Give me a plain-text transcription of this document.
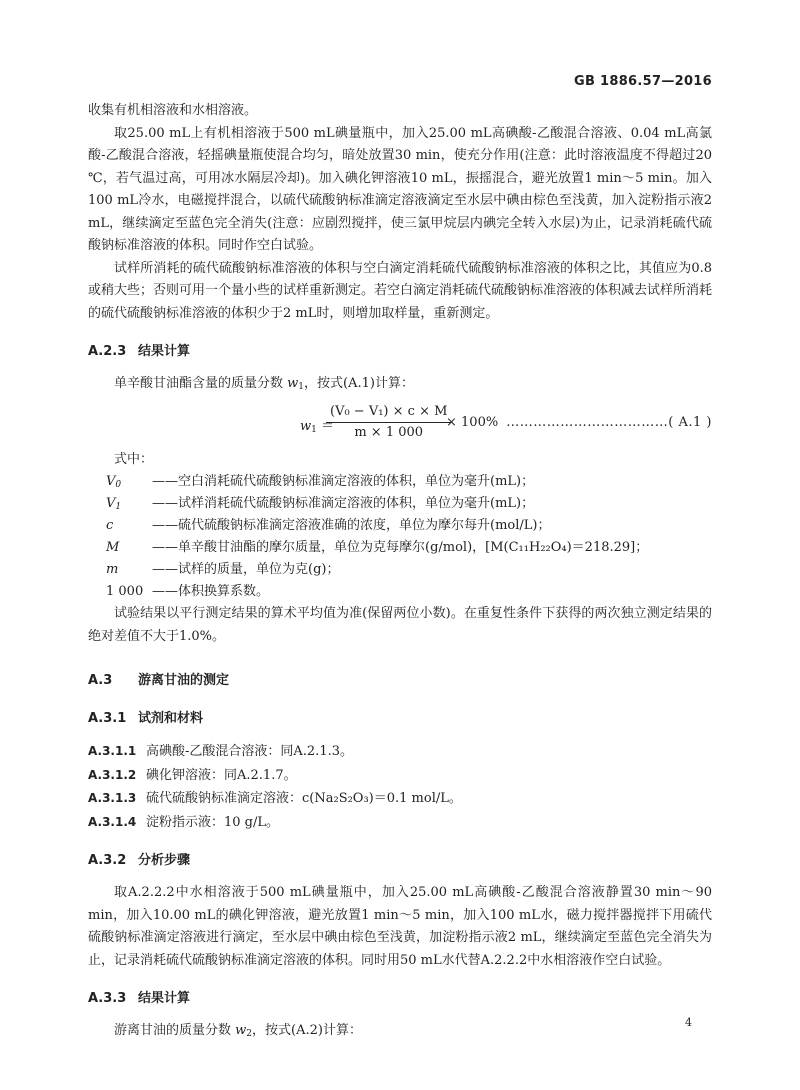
GB 1886.57—2016

收集有机相溶液和水相溶液。

取25.00 mL上有机相溶液于500 mL碘量瓶中，加入25.00 mL高碘酸-乙酸混合溶液、0.04 mL高氯酸-乙酸混合溶液，轻摇碘量瓶使混合均匀，暗处放置30 min，使充分作用(注意：此时溶液温度不得超过20 ℃，若气温过高，可用冰水隔层冷却)。加入碘化钾溶液10 mL，振摇混合，避光放置1 min～5 min。加入100 mL冷水，电磁搅拌混合，以硫代硫酸钠标准滴定溶液滴定至水层中碘由棕色至浅黄，加入淀粉指示液2 mL，继续滴定至蓝色完全消失(注意：应剧烈搅拌，使三氯甲烷层内碘完全转入水层)为止，记录消耗硫代硫酸钠标准溶液的体积。同时作空白试验。

试样所消耗的硫代硫酸钠标准溶液的体积与空白滴定消耗硫代硫酸钠标准溶液的体积之比，其值应为0.8或稍大些；否则可用一个量小些的试样重新测定。若空白滴定消耗硫代硫酸钠标准溶液的体积减去试样所消耗的硫代硫酸钠标准溶液的体积少于2 mL时，则增加取样量，重新测定。

A.2.3 结果计算

单辛酸甘油酯含量的质量分数 $w_1$，按式(A.1)计算：

$w_1$ ＝
$\frac{\text{(V₀ − V₁) × c × M}}{m \times 1 000}$
× 100% ………………………………( A.1 )

式中：

$V_0$ ——空白消耗硫代硫酸钠标准滴定溶液的体积，单位为毫升(mL)；
$V_1$ ——试样消耗硫代硫酸钠标准滴定溶液的体积，单位为毫升(mL)；
c	——硫代硫酸钠标准滴定溶液准确的浓度，单位为摩尔每升(mol/L)；
M	——单辛酸甘油酯的摩尔质量，单位为克每摩尔(g/mol)，[M(C₁₁H₂₂O₄)＝218.29]；
m	——试样的质量，单位为克(g)；
1 000 ——体积换算系数。

试验结果以平行测定结果的算术平均值为准(保留两位小数)。在重复性条件下获得的两次独立测定结果的绝对差值不大于1.0%。

A.3 游离甘油的测定
A.3.1 试剂和材料

A.3.1.1 高碘酸-乙酸混合溶液：同A.2.1.3。

A.3.1.2 碘化钾溶液：同A.2.1.7。

A.3.1.3 硫代硫酸钠标准滴定溶液：c(Na₂S₂O₃)＝0.1 mol/L。

A.3.1.4 淀粉指示液：10 g/L。

A.3.2 分析步骤

取A.2.2.2中水相溶液于500 mL碘量瓶中，加入25.00 mL高碘酸-乙酸混合溶液静置30 min～90 min，加入10.00 mL的碘化钾溶液，避光放置1 min～5 min，加入100 mL水，磁力搅拌器搅拌下用硫代硫酸钠标准滴定溶液进行滴定，至水层中碘由棕色至浅黄，加淀粉指示液2 mL，继续滴定至蓝色完全消失为止，记录消耗硫代硫酸钠标准滴定溶液的体积。同时用50 mL水代替A.2.2.2中水相溶液作空白试验。

A.3.3 结果计算

游离甘油的质量分数 $w_2$，按式(A.2)计算：

4
